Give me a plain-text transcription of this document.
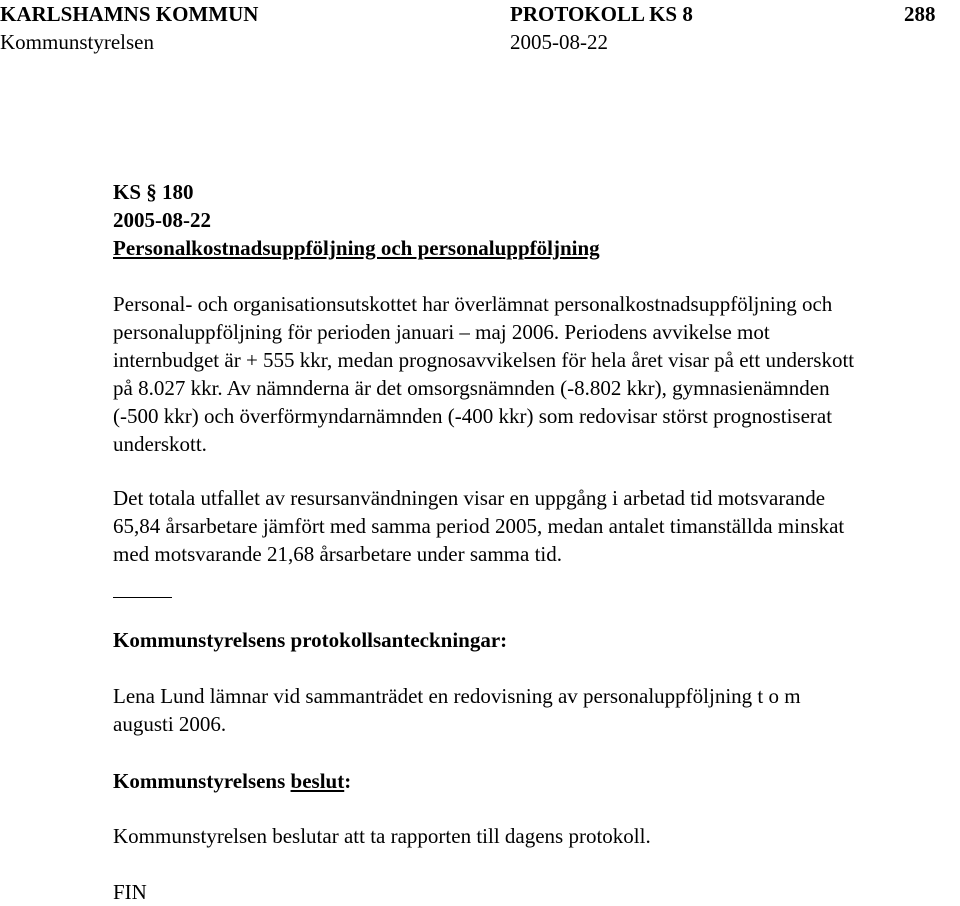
KARLSHAMNS KOMMUN	PROTOKOLL KS 8	288
Kommunstyrelsen	2005-08-22
KS § 180
2005-08-22
Personalkostnadsuppföljning och personaluppföljning
Personal- och organisationsutskottet har överlämnat personalkostnadsuppföljning och
personaluppföljning för perioden januari – maj 2006. Periodens avvikelse mot
internbudget är + 555 kkr, medan prognosavvikelsen för hela året visar på ett underskott
på 8.027 kkr. Av nämnderna är det omsorgsnämnden (-8.802 kkr), gymnasienämnden
(-500 kkr) och överförmyndarnämnden (-400 kkr) som redovisar störst prognostiserat
underskott.
Det totala utfallet av resursanvändningen visar en uppgång i arbetad tid motsvarande
65,84 årsarbetare jämfört med samma period 2005, medan antalet timanställda minskat
med motsvarande 21,68 årsarbetare under samma tid.
Kommunstyrelsens protokollsanteckningar:
Lena Lund lämnar vid sammanträdet en redovisning av personaluppföljning t o m
augusti 2006.
Kommunstyrelsens beslut:
Kommunstyrelsen beslutar att ta rapporten till dagens protokoll.
FIN
